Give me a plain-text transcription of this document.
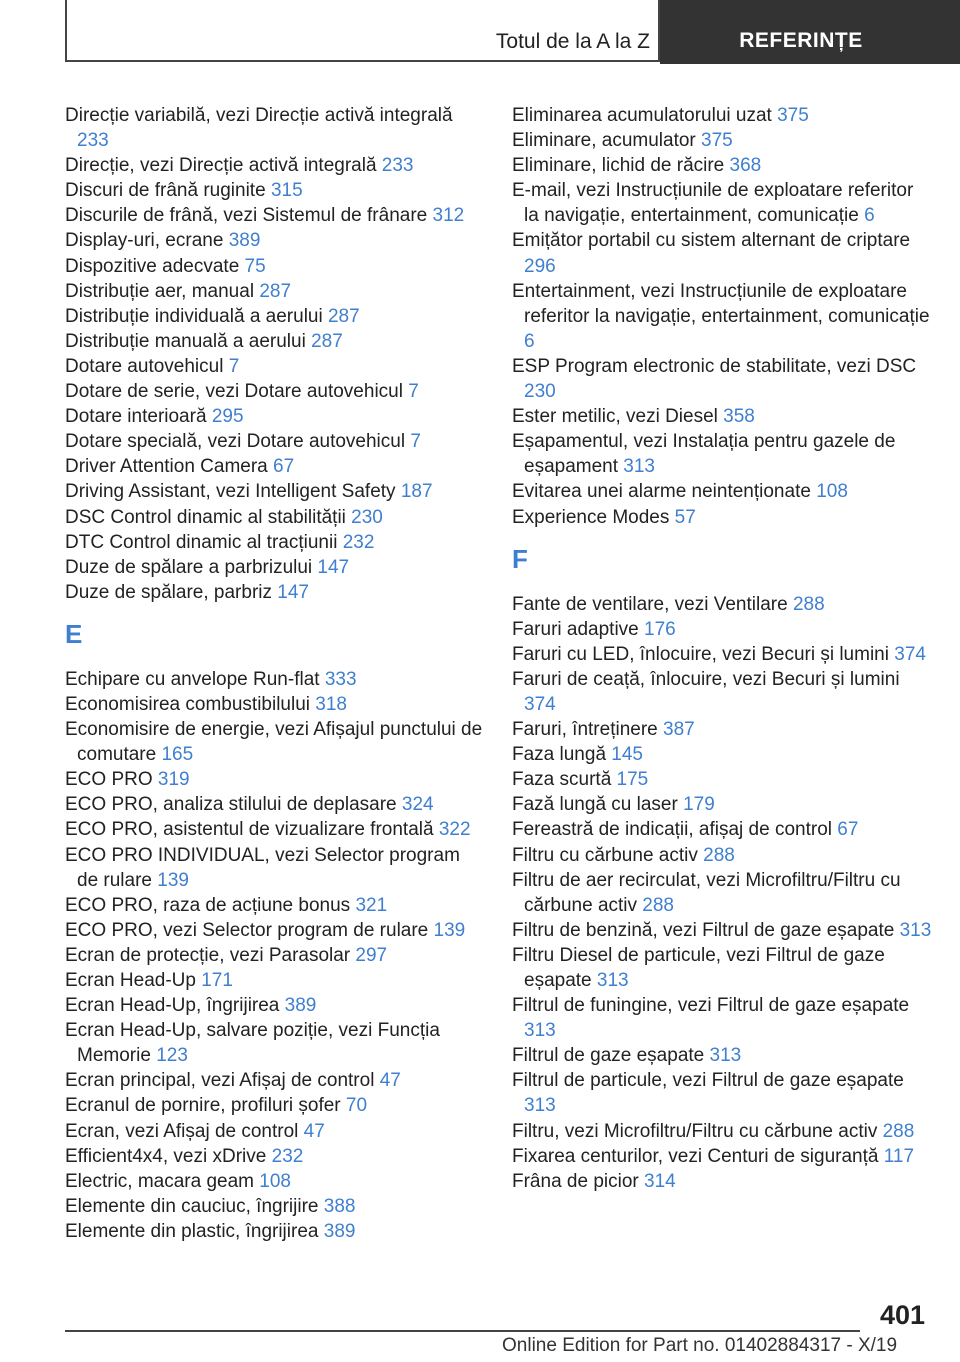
Totul de la A la Z	REFERINȚE
Direcție variabilă, vezi Direcție activă integrală 233
Direcție, vezi Direcție activă integrală 233
Discuri de frână ruginite 315
Discurile de frână, vezi Sistemul de frânare 312
Display-uri, ecrane 389
Dispozitive adecvate 75
Distribuție aer, manual 287
Distribuție individuală a aerului 287
Distribuție manuală a aerului 287
Dotare autovehicul 7
Dotare de serie, vezi Dotare autovehicul 7
Dotare interioară 295
Dotare specială, vezi Dotare autovehicul 7
Driver Attention Camera 67
Driving Assistant, vezi Intelligent Safety 187
DSC Control dinamic al stabilității 230
DTC Control dinamic al tracțiunii 232
Duze de spălare a parbrizului 147
Duze de spălare, parbriz 147
E
Echipare cu anvelope Run-flat 333
Economisirea combustibilului 318
Economisire de energie, vezi Afișajul punctului de comutare 165
ECO PRO 319
ECO PRO, analiza stilului de deplasare 324
ECO PRO, asistentul de vizualizare frontală 322
ECO PRO INDIVIDUAL, vezi Selector program de rulare 139
ECO PRO, raza de acțiune bonus 321
ECO PRO, vezi Selector program de rulare 139
Ecran de protecție, vezi Parasolar 297
Ecran Head-Up 171
Ecran Head-Up, îngrijirea 389
Ecran Head-Up, salvare poziție, vezi Funcția Memorie 123
Ecran principal, vezi Afișaj de control 47
Ecranul de pornire, profiluri șofer 70
Ecran, vezi Afișaj de control 47
Efficient4x4, vezi xDrive 232
Electric, macara geam 108
Elemente din cauciuc, îngrijire 388
Elemente din plastic, îngrijirea 389
Eliminarea acumulatorului uzat 375
Eliminare, acumulator 375
Eliminare, lichid de răcire 368
E-mail, vezi Instrucțiunile de exploatare referitor la navigație, entertainment, comunicație 6
Emițător portabil cu sistem alternant de criptare 296
Entertainment, vezi Instrucțiunile de exploatare referitor la navigație, entertainment, comunicație 6
ESP Program electronic de stabilitate, vezi DSC 230
Ester metilic, vezi Diesel 358
Eșapamentul, vezi Instalația pentru gazele de eșapament 313
Evitarea unei alarme neintenționate 108
Experience Modes 57
F
Fante de ventilare, vezi Ventilare 288
Faruri adaptive 176
Faruri cu LED, înlocuire, vezi Becuri și lumini 374
Faruri de ceață, înlocuire, vezi Becuri și lumini 374
Faruri, întreținere 387
Faza lungă 145
Faza scurtă 175
Fază lungă cu laser 179
Fereastră de indicații, afișaj de control 67
Filtru cu cărbune activ 288
Filtru de aer recirculat, vezi Microfiltru/Filtru cu cărbune activ 288
Filtru de benzină, vezi Filtrul de gaze eșapate 313
Filtru Diesel de particule, vezi Filtrul de gaze eșapate 313
Filtrul de funingine, vezi Filtrul de gaze eșapate 313
Filtrul de gaze eșapate 313
Filtrul de particule, vezi Filtrul de gaze eșapate 313
Filtru, vezi Microfiltru/Filtru cu cărbune activ 288
Fixarea centurilor, vezi Centuri de siguranță 117
Frâna de picior 314
401
Online Edition for Part no. 01402884317 - X/19
